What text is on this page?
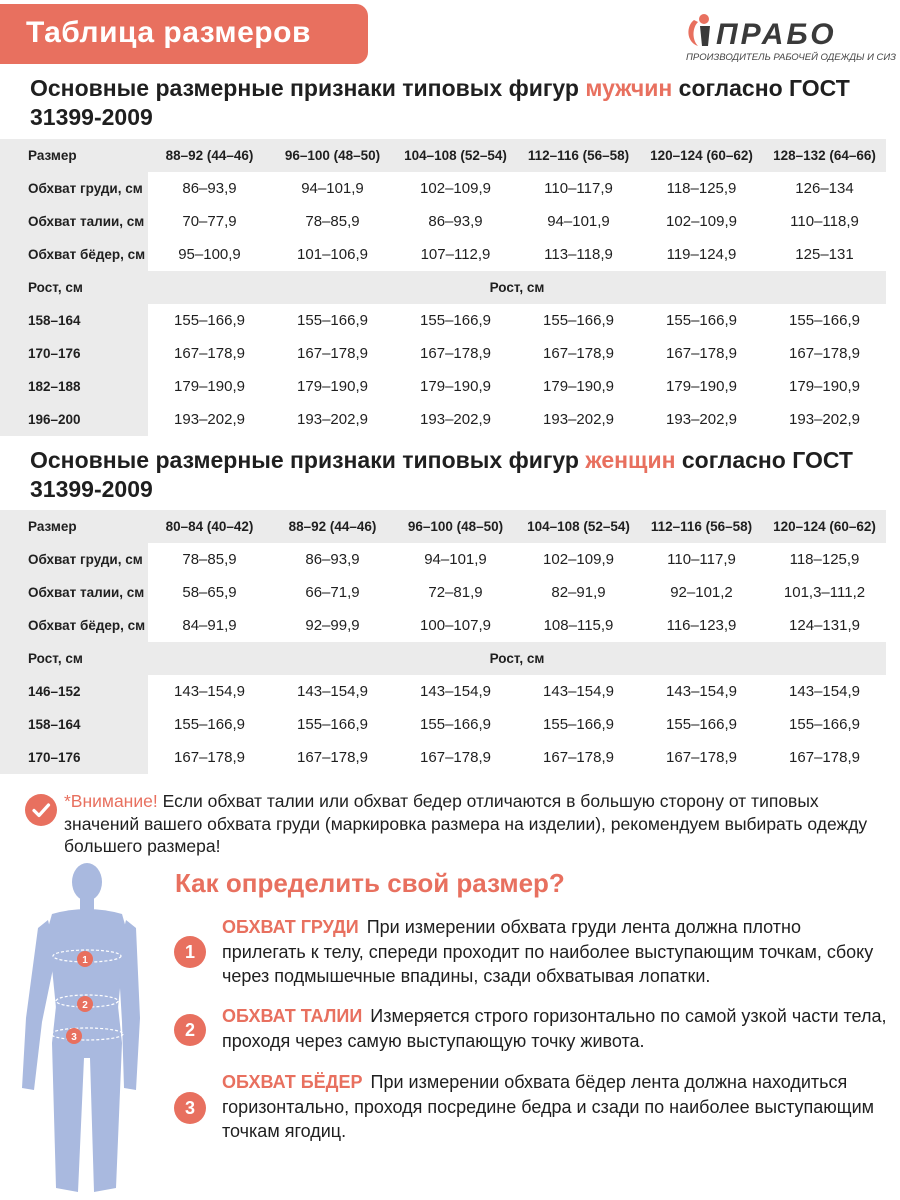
Таблица размеров	ПРАБО
ПРОИЗВОДИТЕЛЬ РАБОЧЕЙ ОДЕЖДЫ И СИЗ
Основные размерные признаки типовых фигур мужчин согласно ГОСТ 31399-2009
Размер	88–92 (44–46)	96–100 (48–50)	104–108 (52–54)	112–116 (56–58)	120–124 (60–62)	128–132 (64–66)
Обхват груди, см	86–93,9	94–101,9	102–109,9	110–117,9	118–125,9	126–134
Обхват талии, см	70–77,9	78–85,9	86–93,9	94–101,9	102–109,9	110–118,9
Обхват бёдер, см	95–100,9	101–106,9	107–112,9	113–118,9	119–124,9	125–131
Рост, см	Рост, см					
158–164	155–166,9	155–166,9	155–166,9	155–166,9	155–166,9	155–166,9
170–176	167–178,9	167–178,9	167–178,9	167–178,9	167–178,9	167–178,9
182–188	179–190,9	179–190,9	179–190,9	179–190,9	179–190,9	179–190,9
196–200	193–202,9	193–202,9	193–202,9	193–202,9	193–202,9	193–202,9
Основные размерные признаки типовых фигур женщин согласно ГОСТ 31399-2009
Размер	80–84 (40–42)	88–92 (44–46)	96–100 (48–50)	104–108 (52–54)	112–116 (56–58)	120–124 (60–62)
Обхват груди, см	78–85,9	86–93,9	94–101,9	102–109,9	110–117,9	118–125,9
Обхват талии, см	58–65,9	66–71,9	72–81,9	82–91,9	92–101,2	101,3–111,2
Обхват бёдер, см	84–91,9	92–99,9	100–107,9	108–115,9	116–123,9	124–131,9
Рост, см	Рост, см					
146–152	143–154,9	143–154,9	143–154,9	143–154,9	143–154,9	143–154,9
158–164	155–166,9	155–166,9	155–166,9	155–166,9	155–166,9	155–166,9
170–176	167–178,9	167–178,9	167–178,9	167–178,9	167–178,9	167–178,9
*Внимание! Если обхват талии или обхват бедер отличаются в большую сторону от типовых значений вашего обхвата груди (маркировка размера на изделии), рекомендуем выбирать одежду большего размера!
1
2
3
Как определить свой размер?
1
ОБХВАТ ГРУДИ При измерении обхвата груди лента должна плотно прилегать к телу, спереди проходит по наиболее выступающим точкам, сбоку через подмышечные впадины, сзади обхватывая лопатки.
2
ОБХВАТ ТАЛИИ Измеряется строго горизонтально по самой узкой части тела, проходя через самую выступающую точку живота.
3
ОБХВАТ БЁДЕР При измерении обхвата бёдер лента должна находиться горизонтально, проходя посредине бедра и сзади по наиболее выступающим точкам ягодиц.
